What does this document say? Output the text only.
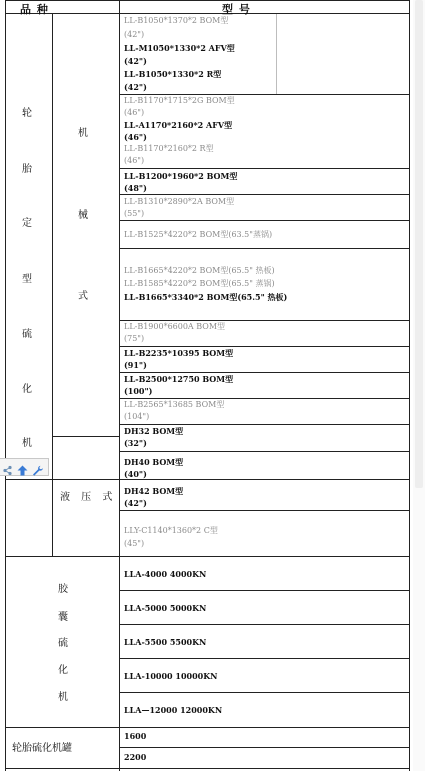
品 种	型 号
轮
胎
定
型
硫
化
机
机
械
式
液 压 式
胶
囊
硫
化
机
轮胎硫化机罐
LL-B1050*1370*2 BOM型
(42")
LL-M1050*1330*2 AFV型
(42")
LL-B1050*1330*2 R型
(42")
LL-B1170*1715*2G BOM型
(46")
LL-A1170*2160*2 AFV型
(46")
LL-B1170*2160*2 R型
(46")
LL-B1200*1960*2 BOM型
(48")
LL-B1310*2890*2A BOM型
(55")
LL-B1525*4220*2 BOM型(63.5"蒸锅)
LL-B1665*4220*2 BOM型(65.5" 热板)
LL-B1585*4220*2 BOM型(65.5" 蒸锅)
LL-B1665*3340*2 BOM型(65.5" 热板)
LL-B1900*6600A BOM型
(75")
LL-B2235*10395 BOM型
(91")
LL-B2500*12750 BOM型
(100")
LL-B2565*13685 BOM型
(104")
DH32 BOM型
(32")
DH40 BOM型
(40")
DH42 BOM型
(42")
LLY-C1140*1360*2 C型
(45")
LLA-4000 4000KN
LLA-5000 5000KN
LLA-5500 5500KN
LLA-10000 10000KN
LLA—12000 12000KN
1600
2200
